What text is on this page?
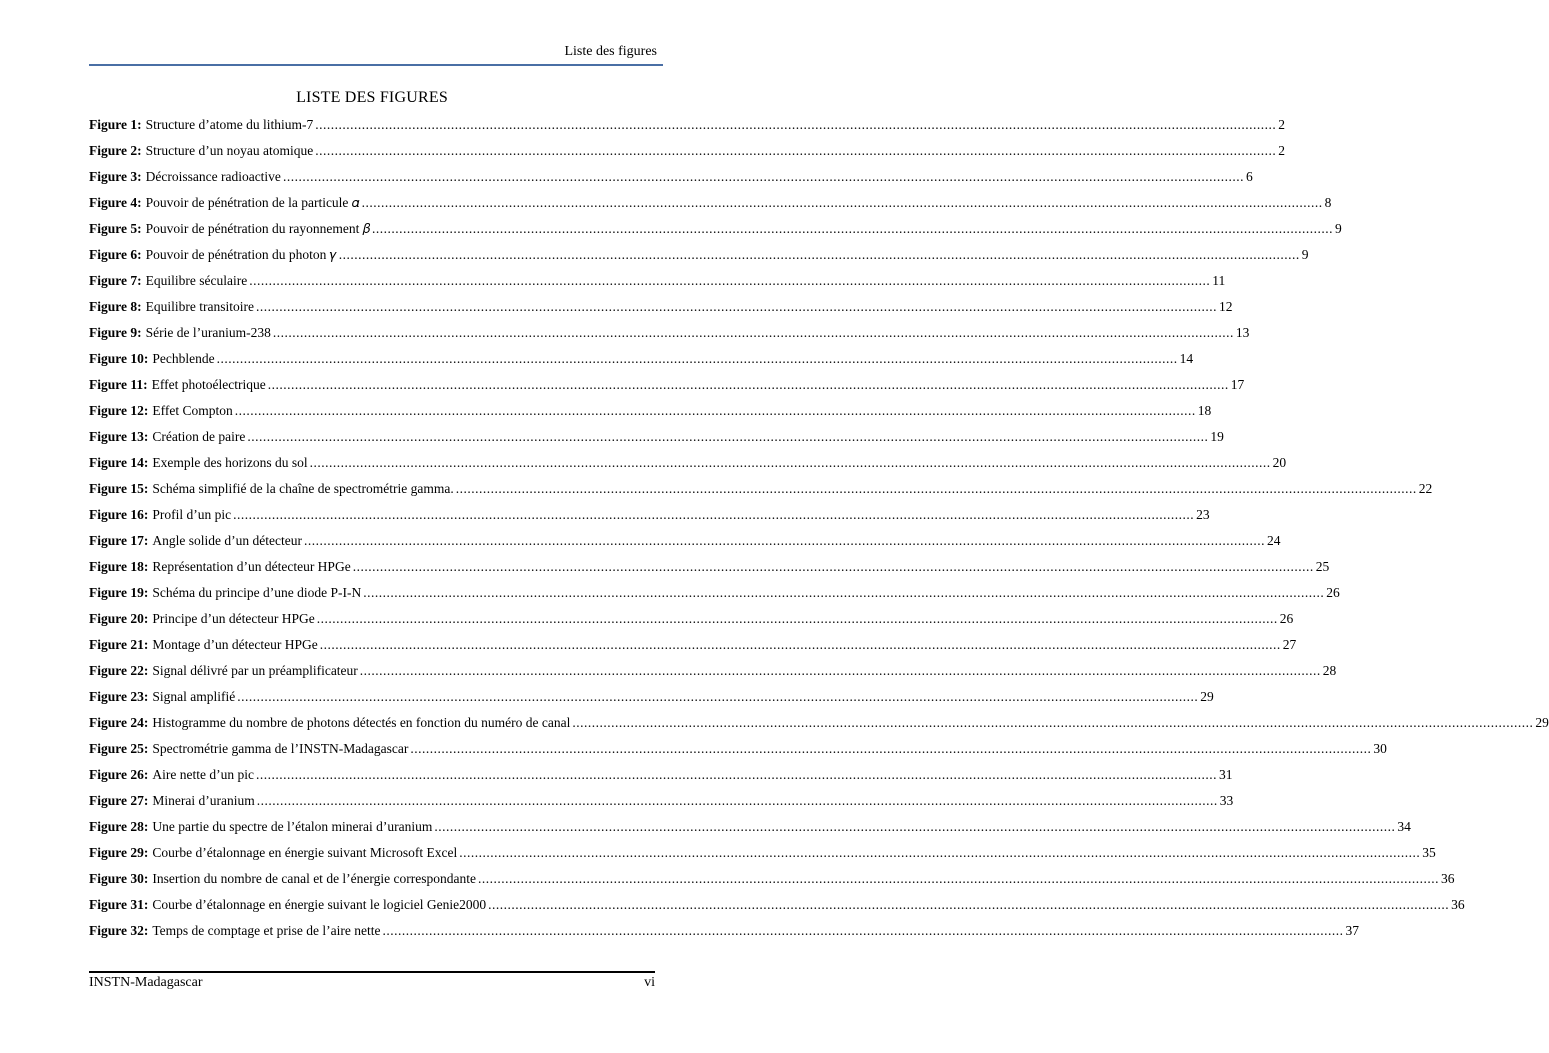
Liste des figures
LISTE DES FIGURES
Figure 1: Structure d’atome du lithium-7 .....	2
Figure 2: Structure d’un noyau atomique .....	2
Figure 3: Décroissance radioactive .....	6
Figure 4: Pouvoir de pénétration de la particule 𝛼 .....	8
Figure 5: Pouvoir de pénétration du rayonnement 𝛽 .....	9
Figure 6: Pouvoir de pénétration du photon 𝛾 .....	9
Figure 7: Equilibre séculaire .....	11
Figure 8: Equilibre transitoire .....	12
Figure 9: Série de l’uranium-238 .....	13
Figure 10: Pechblende .....	14
Figure 11: Effet photoélectrique .....	17
Figure 12: Effet Compton .....	18
Figure 13: Création de paire .....	19
Figure 14: Exemple des horizons du sol .....	20
Figure 15: Schéma simplifié de la chaîne de spectrométrie gamma. .....	22
Figure 16: Profil d’un pic .....	23
Figure 17: Angle solide d’un détecteur .....	24
Figure 18: Représentation d’un détecteur HPGe .....	25
Figure 19: Schéma du principe d’une diode P-I-N .....	26
Figure 20: Principe d’un détecteur HPGe .....	26
Figure 21: Montage d’un détecteur HPGe .....	27
Figure 22: Signal délivré par un préamplificateur .....	28
Figure 23: Signal amplifié .....	29
Figure 24: Histogramme du nombre de photons détectés en fonction du numéro de canal .....	29
Figure 25: Spectrométrie gamma de l’INSTN-Madagascar .....	30
Figure 26: Aire nette d’un pic .....	31
Figure 27: Minerai d’uranium .....	33
Figure 28: Une partie du spectre de l’étalon minerai d’uranium .....	34
Figure 29: Courbe d’étalonnage en énergie suivant Microsoft Excel .....	35
Figure 30: Insertion du nombre de canal et de l’énergie correspondante .....	36
Figure 31: Courbe d’étalonnage en énergie suivant le logiciel Genie2000 .....	36
Figure 32: Temps de comptage et prise de l’aire nette .....	37
INSTN-Madagascar	vi
